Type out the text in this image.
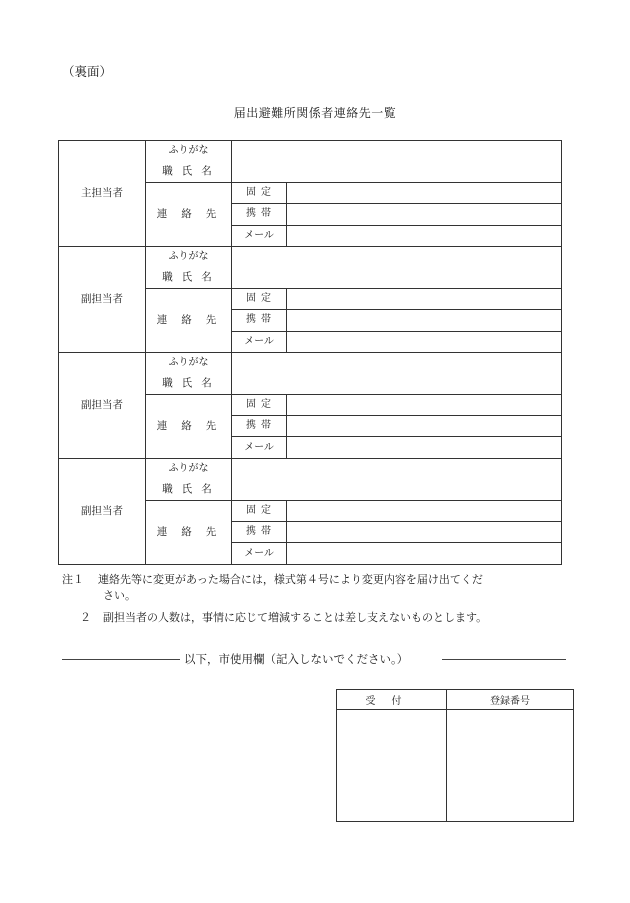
（裏面）
届出避難所関係者連絡先一覧
主担当者	ふりがな		
	職氏名		
	連絡先	固定	
		携帯	
		メール	
副担当者	ふりがな		
	職氏名		
	連絡先	固定	
		携帯	
		メール	
副担当者	ふりがな		
	職氏名		
	連絡先	固定	
		携帯	
		メール	
副担当者	ふりがな		
	職氏名		
	連絡先	固定	
		携帯	
		メール	
注１ 連絡先等に変更があった場合には，様式第４号により変更内容を届け出てくだ
さい。
２ 副担当者の人数は，事情に応じて増減することは差し支えないものとします。
以下，市使用欄（記入しないでください。）
受付	登録番号
